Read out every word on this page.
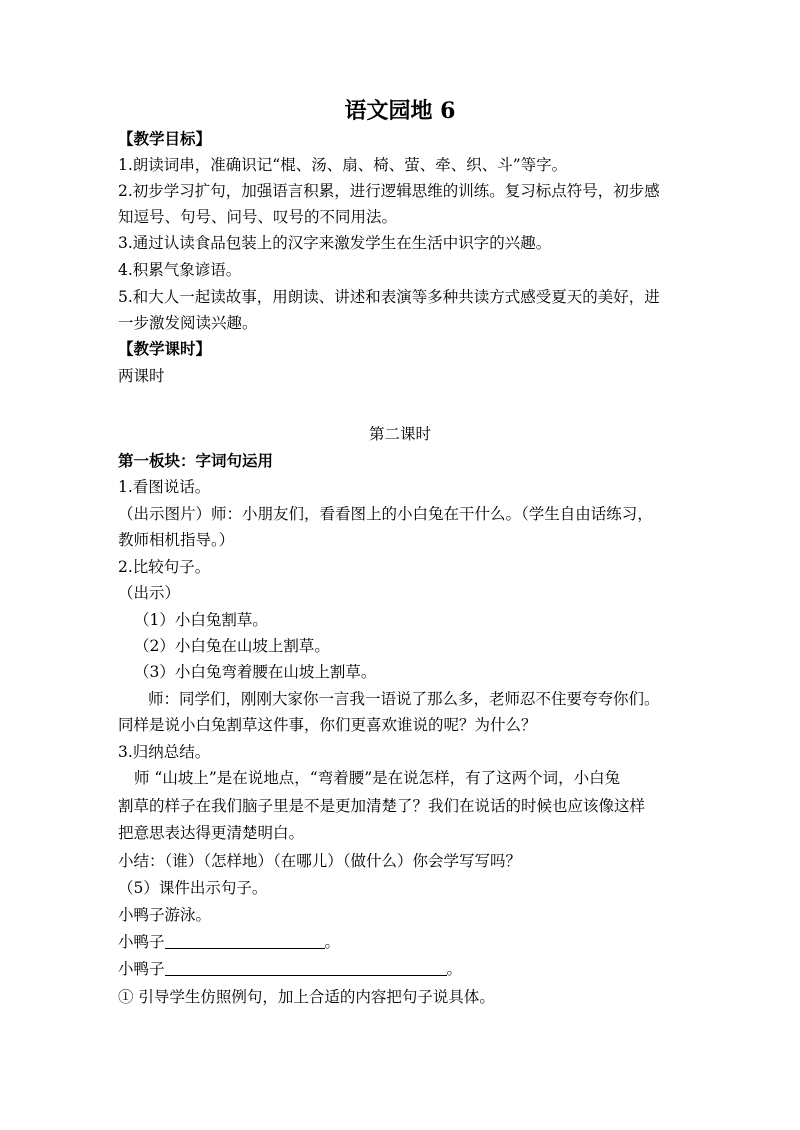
语文园地 6
【教学目标】
1.朗读词串，准确识记“棍、汤、扇、椅、萤、牵、织、斗”等字。
2.初步学习扩句，加强语言积累，进行逻辑思维的训练。复习标点符号，初步感
知逗号、句号、问号、叹号的不同用法。
3.通过认读食品包装上的汉字来激发学生在生活中识字的兴趣。
4.积累气象谚语。
5.和大人一起读故事，用朗读、讲述和表演等多种共读方式感受夏天的美好，进
一步激发阅读兴趣。
【教学课时】
两课时
第二课时
第一板块：字词句运用
1.看图说话。
（出示图片）师：小朋友们，看看图上的小白兔在干什么。（学生自由话练习，
教师相机指导。）
2.比较句子。
（出示）
（1）小白兔割草。
（2）小白兔在山坡上割草。
（3）小白兔弯着腰在山坡上割草。
师：同学们，刚刚大家你一言我一语说了那么多，老师忍不住要夸夸你们。
同样是说小白兔割草这件事，你们更喜欢谁说的呢？为什么？
3.归纳总结。
师 “山坡上”是在说地点，“弯着腰”是在说怎样，有了这两个词，小白兔
割草的样子在我们脑子里是不是更加清楚了？我们在说话的时候也应该像这样
把意思表达得更清楚明白。
小结：（谁）（怎样地）（在哪儿）（做什么）你会学写写吗？
（5）课件出示句子。
小鸭子游泳。
小鸭子	。
小鸭子	。
① 引导学生仿照例句，加上合适的内容把句子说具体。
